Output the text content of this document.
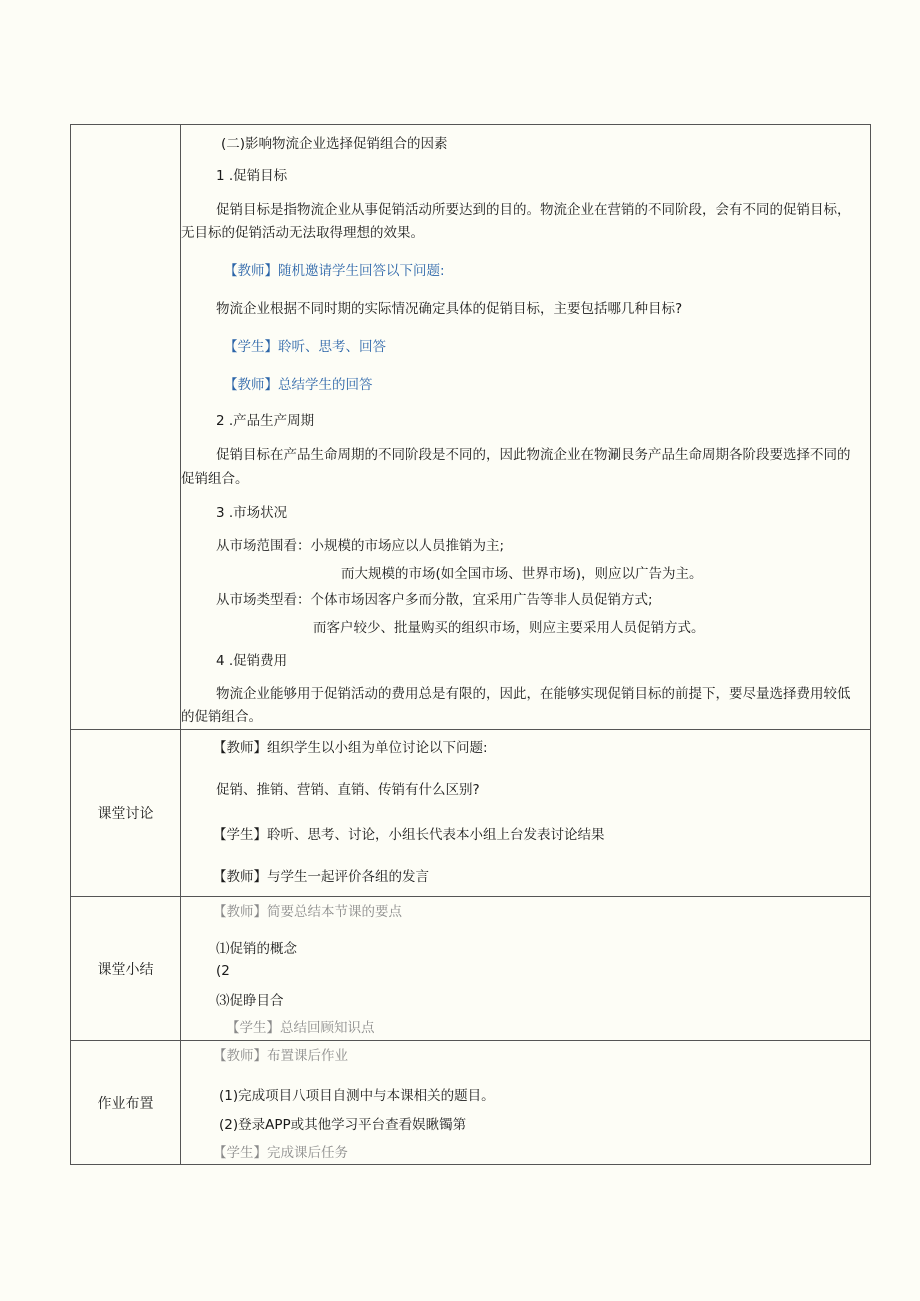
(二)影响物流企业选择促销组合的因素
1 .促销目标
促销目标是指物流企业从事促销活动所要达到的目的。物流企业在营销的不同阶段，会有不同的促销目标，
无目标的促销活动无法取得理想的效果。
【教师】随机邀请学生回答以下问题:
物流企业根据不同时期的实际情况确定具体的促销目标，主要包括哪几种目标?
【学生】聆听、思考、回答
【教师】总结学生的回答
2 .产品生产周期
促销目标在产品生命周期的不同阶段是不同的，因此物流企业在物涮艮务产品生命周期各阶段要选择不同的
促销组合。
3 .市场状况
从市场范围看：小规模的市场应以人员推销为主;
而大规模的市场(如全国市场、世界市场)，则应以广告为主。
从市场类型看：个体市场因客户多而分散，宜采用广告等非人员促销方式;
而客户较少、批量购买的组织市场，则应主要采用人员促销方式。
4 .促销费用
物流企业能够用于促销活动的费用总是有限的，因此，在能够实现促销目标的前提下，要尽量选择费用较低
的促销组合。
课堂讨论
【教师】组织学生以小组为单位讨论以下问题:
促销、推销、营销、直销、传销有什么区别?
【学生】聆听、思考、讨论，小组长代表本小组上台发表讨论结果
【教师】与学生一起评价各组的发言
课堂小结
【教师】简要总结本节课的要点
⑴促销的概念
(2
⑶促睁目合
【学生】总结回顾知识点
作业布置
【教师】布置课后作业
(1)完成项目八项目自测中与本课相关的题目。
(2)登录APP或其他学习平台查看娱瞅镯第
【学生】完成课后任务
